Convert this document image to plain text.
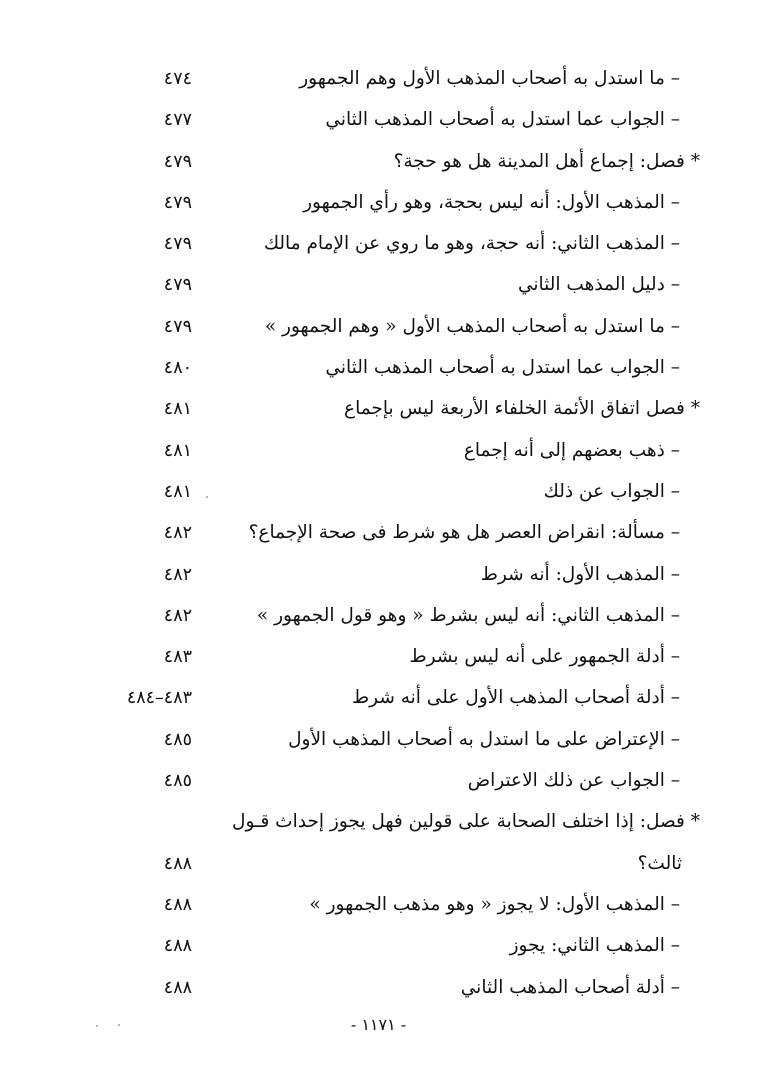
– ما استدل به أصحاب المذهب الأول وهم الجمهور
٤٧٤
– الجواب عما استدل به أصحاب المذهب الثاني
٤٧٧
* فصل: إجماع أهل المدينة هل هو حجة؟
٤٧٩
– المذهب الأول: أنه ليس بحجة، وهو رأي الجمهور
٤٧٩
– المذهب الثاني: أنه حجة، وهو ما روي عن الإمام مالك
٤٧٩
– دليل المذهب الثاني
٤٧٩
– ما استدل به أصحاب المذهب الأول « وهم الجمهور »
٤٧٩
– الجواب عما استدل به أصحاب المذهب الثاني
٤٨٠
* فصل اتفاق الأئمة الخلفاء الأربعة ليس بإجماع
٤٨١
– ذهب بعضهم إلى أنه إجماع
٤٨١
– الجواب عن ذلك
٤٨١
– مسألة: انقراض العصر هل هو شرط فى صحة الإجماع؟
٤٨٢
– المذهب الأول: أنه شرط
٤٨٢
– المذهب الثاني: أنه ليس بشرط « وهو قول الجمهور »
٤٨٢
– أدلة الجمهور على أنه ليس بشرط
٤٨٣
– أدلة أصحاب المذهب الأول على أنه شرط
٤٨٣–٤٨٤
– الإعتراض على ما استدل به أصحاب المذهب الأول
٤٨٥
– الجواب عن ذلك الاعتراض
٤٨٥
* فصل: إذا اختلف الصحابة على قولين فهل يجوز إحداث قـول
ثالث؟
٤٨٨
– المذهب الأول: لا يجوز « وهو مذهب الجمهور »
٤٨٨
– المذهب الثاني: يجوز
٤٨٨
– أدلة أصحاب المذهب الثاني
٤٨٨
- ١١٧١ -
